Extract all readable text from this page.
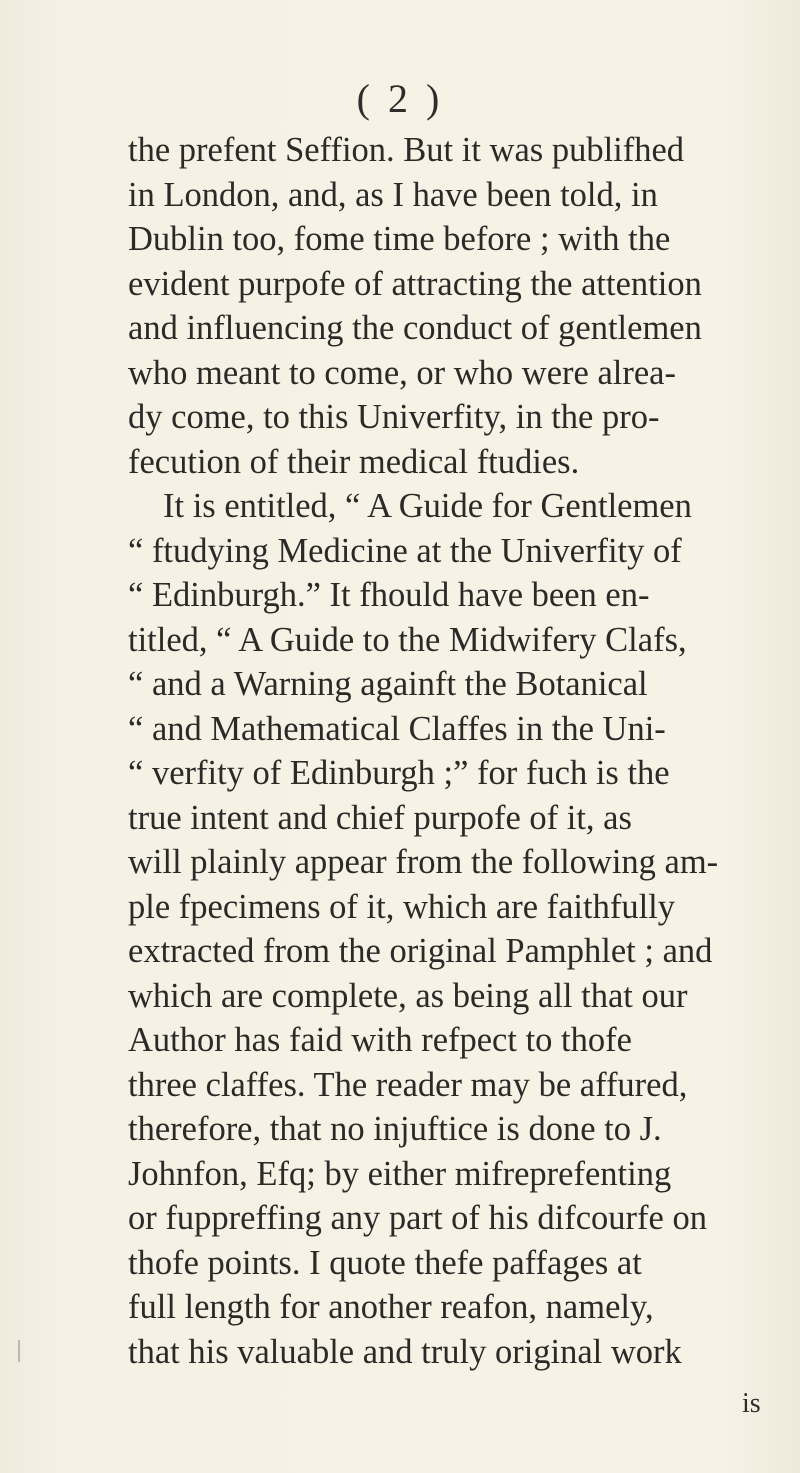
( 2 )
the prefent Seffion. But it was publifhed
in London, and, as I have been told, in
Dublin too, fome time before ; with the
evident purpofe of attracting the attention
and influencing the conduct of gentlemen
who meant to come, or who were alrea-
dy come, to this Univerfity, in the pro-
fecution of their medical ftudies.
It is entitled, “ A Guide for Gentlemen
“ ftudying Medicine at the Univerfity of
“ Edinburgh.” It fhould have been en-
titled, “ A Guide to the Midwifery Clafs,
“ and a Warning againft the Botanical
“ and Mathematical Claffes in the Uni-
“ verfity of Edinburgh ;” for fuch is the
true intent and chief purpofe of it, as
will plainly appear from the following am-
ple fpecimens of it, which are faithfully
extracted from the original Pamphlet ; and
which are complete, as being all that our
Author has faid with refpect to thofe
three claffes. The reader may be affured,
therefore, that no injuftice is done to J.
Johnfon, Efq; by either mifreprefenting
or fuppreffing any part of his difcourfe on
thofe points. I quote thefe paffages at
full length for another reafon, namely,
that his valuable and truly original work
is
